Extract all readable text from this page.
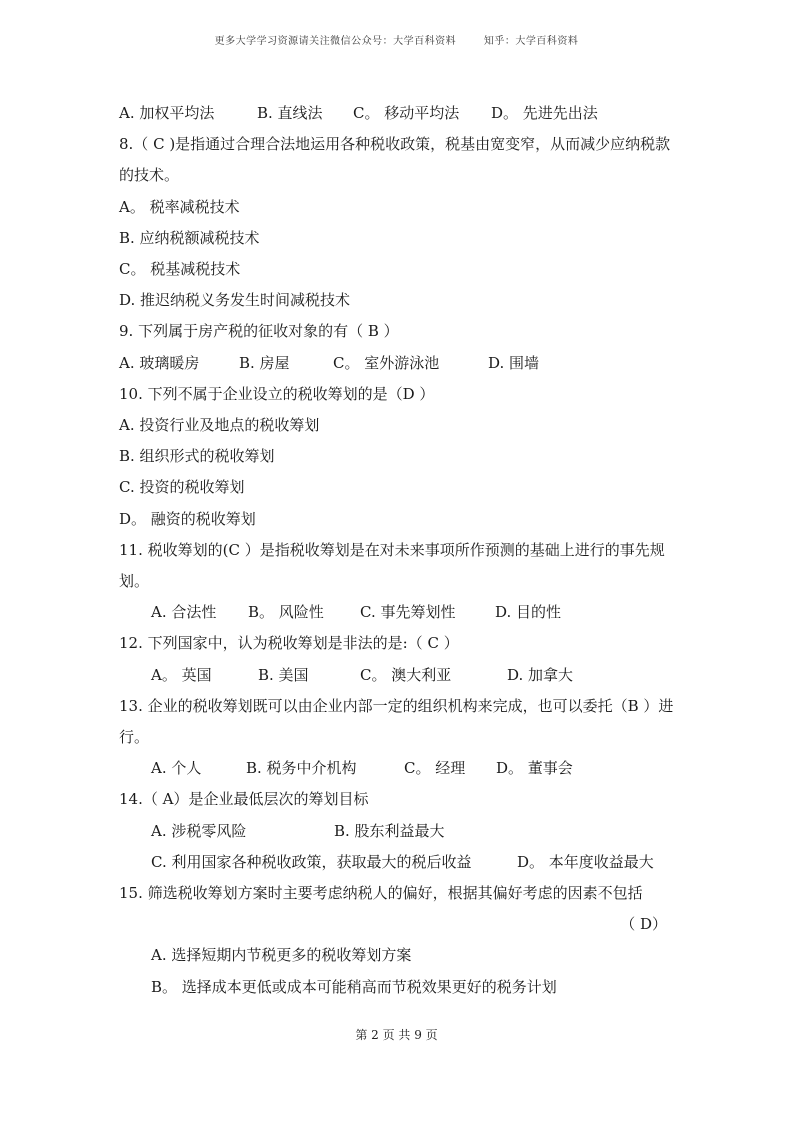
更多大学学习资源请关注微信公众号：大学百科资料	知乎：大学百科资料
A. 加权平均法	B. 直线法 C。 移动平均法 D。 先进先出法
8.（ C )是指通过合理合法地运用各种税收政策，税基由宽变窄，从而减少应纳税款的技术。
A。 税率减税技术
B. 应纳税额减税技术
C。 税基减税技术
D. 推迟纳税义务发生时间减税技术
9. 下列属于房产税的征收对象的有（ B ）
A. 玻璃暖房	B. 房屋	C。 室外游泳池	D. 围墙
10. 下列不属于企业设立的税收筹划的是（D ）
A. 投资行业及地点的税收筹划
B. 组织形式的税收筹划
C. 投资的税收筹划
D。 融资的税收筹划
11. 税收筹划的(C ）是指税收筹划是在对未来事项所作预测的基础上进行的事先规划。
A. 合法性 B。 风险性 C. 事先筹划性	D. 目的性
12. 下列国家中，认为税收筹划是非法的是:（ C ）
A。 英国	B. 美国	C。 澳大利亚	D. 加拿大
13. 企业的税收筹划既可以由企业内部一定的组织机构来完成，也可以委托（B ）进行。
A. 个人	B. 税务中介机构	C。 经理 D。 董事会
14.（ A）是企业最低层次的筹划目标
A. 涉税零风险	B. 股东利益最大
C. 利用国家各种税收政策，获取最大的税后收益	D。 本年度收益最大
15. 筛选税收筹划方案时主要考虑纳税人的偏好，根据其偏好考虑的因素不包括
（ D）
A. 选择短期内节税更多的税收筹划方案
B。 选择成本更低或成本可能稍高而节税效果更好的税务计划
第 2 页 共 9 页
